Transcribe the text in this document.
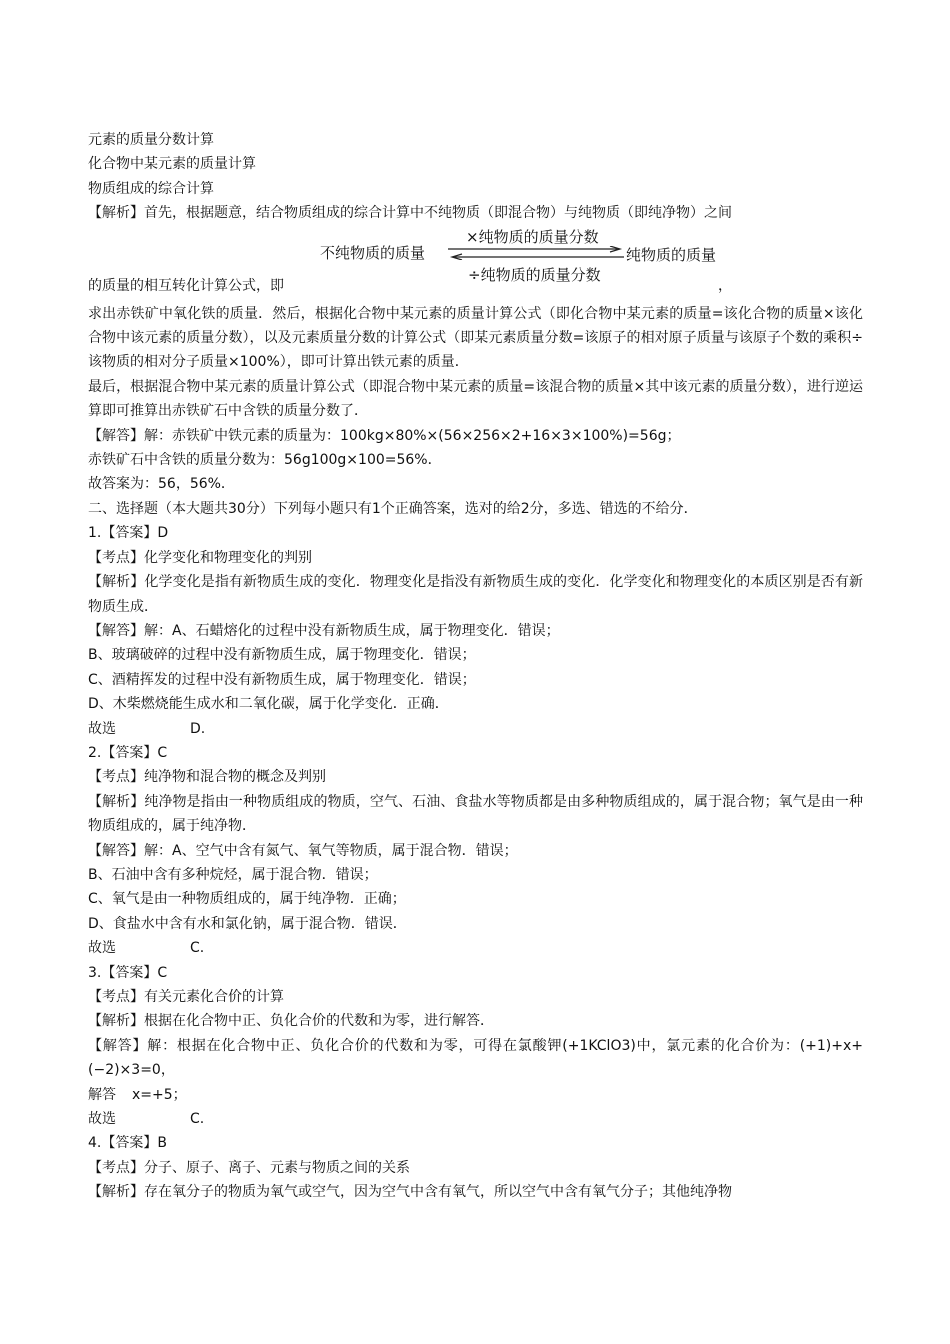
元素的质量分数计算
化合物中某元素的质量计算
物质组成的综合计算
【解析】首先，根据题意，结合物质组成的综合计算中不纯物质（即混合物）与纯物质（即纯净物）之间
不纯物质的质量
×纯物质的质量分数
纯物质的质量
的质量的相互转化计算公式，即
÷纯物质的质量分数
，
求出赤铁矿中氧化铁的质量．然后，根据化合物中某元素的质量计算公式（即化合物中某元素的质量=该化合物的质量×该化合物中该元素的质量分数），以及元素质量分数的计算公式（即某元素质量分数=该原子的相对原子质量与该原子个数的乘积÷该物质的相对分子质量×100%），即可计算出铁元素的质量．
最后，根据混合物中某元素的质量计算公式（即混合物中某元素的质量=该混合物的质量×其中该元素的质量分数），进行逆运算即可推算出赤铁矿石中含铁的质量分数了．
【解答】解：赤铁矿中铁元素的质量为：100kg×80%×(56×256×2+16×3×100%)=56g；
赤铁矿石中含铁的质量分数为：56g100g×100=56%．
故答案为：56，56%．
二、选择题（本大题共30分）下列每小题只有1个正确答案，选对的给2分，多选、错选的不给分．
1.【答案】D
【考点】化学变化和物理变化的判别
【解析】化学变化是指有新物质生成的变化．物理变化是指没有新物质生成的变化．化学变化和物理变化的本质区别是否有新物质生成．
【解答】解：A、石蜡熔化的过程中没有新物质生成，属于物理变化．错误；
B、玻璃破碎的过程中没有新物质生成，属于物理变化．错误；
C、酒精挥发的过程中没有新物质生成，属于物理变化．错误；
D、木柴燃烧能生成水和二氧化碳，属于化学变化．正确．
故选	D.
2.【答案】C
【考点】纯净物和混合物的概念及判别
【解析】纯净物是指由一种物质组成的物质，空气、石油、食盐水等物质都是由多种物质组成的，属于混合物；氧气是由一种物质组成的，属于纯净物．
【解答】解：A、空气中含有氮气、氧气等物质，属于混合物．错误；
B、石油中含有多种烷烃，属于混合物．错误；
C、氧气是由一种物质组成的，属于纯净物．正确；
D、食盐水中含有水和氯化钠，属于混合物．错误．
故选	C.
3.【答案】C
【考点】有关元素化合价的计算
【解析】根据在化合物中正、负化合价的代数和为零，进行解答．
【解答】解：根据在化合物中正、负化合价的代数和为零，可得在氯酸钾(+1KClO3)中，氯元素的化合价为：(+1)+x+(−2)×3=0，
解答 x=+5；
故选	C.
4.【答案】B
【考点】分子、原子、离子、元素与物质之间的关系
【解析】存在氧分子的物质为氧气或空气，因为空气中含有氧气，所以空气中含有氧气分子；其他纯净物
